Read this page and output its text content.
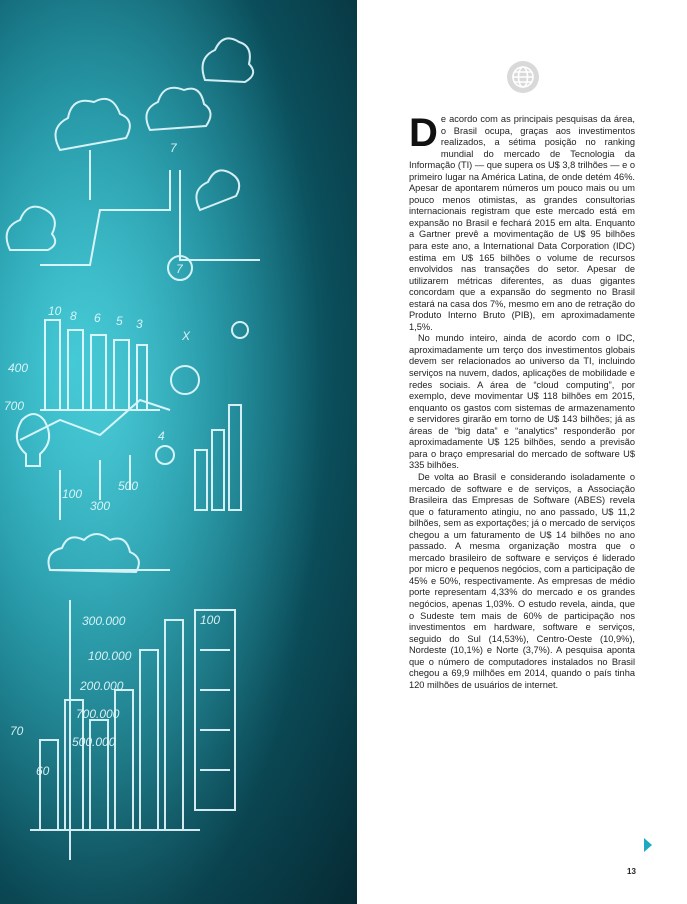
10 8 6 5 3
7
7
4
400
700
100
300
500
300.000
100.000
200.000
700.000
500.000
60
70
100
X

De acordo com as principais pesquisas da área, o Brasil ocupa, graças aos investimentos realizados, a sétima posição no ranking mundial do mercado de Tecnologia da Informação (TI) — que supera os U$ 3,8 trilhões — e o primeiro lugar na América Latina, de onde detém 46%. Apesar de apontarem números um pouco mais ou um pouco menos otimistas, as grandes consultorias internacionais registram que este mercado está em expansão no Brasil e fechará 2015 em alta. Enquanto a Gartner prevê a movimentação de U$ 95 bilhões para este ano, a International Data Corporation (IDC) estima em U$ 165 bilhões o volume de recursos envolvidos nas transações do setor. Apesar de utilizarem métricas diferentes, as duas gigantes concordam que a expansão do segmento no Brasil estará na casa dos 7%, mesmo em ano de retração do Produto Interno Bruto (PIB), em aproximadamente 1,5%.

No mundo inteiro, ainda de acordo com o IDC, aproximadamente um terço dos investimentos globais devem ser relacionados ao universo da TI, incluindo serviços na nuvem, dados, aplicações de mobilidade e redes sociais. A área de “cloud computing”, por exemplo, deve movimentar U$ 118 bilhões em 2015, enquanto os gastos com sistemas de armazenamento e servidores girarão em torno de U$ 143 bilhões; já as áreas de “big data” e “analytics” responderão por aproximadamente U$ 125 bilhões, sendo a previsão para o braço empresarial do mercado de software U$ 335 bilhões.

De volta ao Brasil e considerando isoladamente o mercado de software e de serviços, a Associação Brasileira das Empresas de Software (ABES) revela que o faturamento atingiu, no ano passado, U$ 11,2 bilhões, sem as exportações; já o mercado de serviços chegou a um faturamento de U$ 14 bilhões no ano passado. A mesma organização mostra que o mercado brasileiro de software e serviços é liderado por micro e pequenos negócios, com a participação de 45% e 50%, respectivamente. As empresas de médio porte representam 4,33% do mercado e os grandes negócios, apenas 1,03%. O estudo revela, ainda, que o Sudeste tem mais de 60% de participação nos investimentos em hardware, software e serviços, seguido do Sul (14,53%), Centro-Oeste (10,9%), Nordeste (10,1%) e Norte (3,7%). A pesquisa aponta que o número de computadores instalados no Brasil chegou a 69,9 milhões em 2014, quando o país tinha 120 milhões de usuários de internet.

13
